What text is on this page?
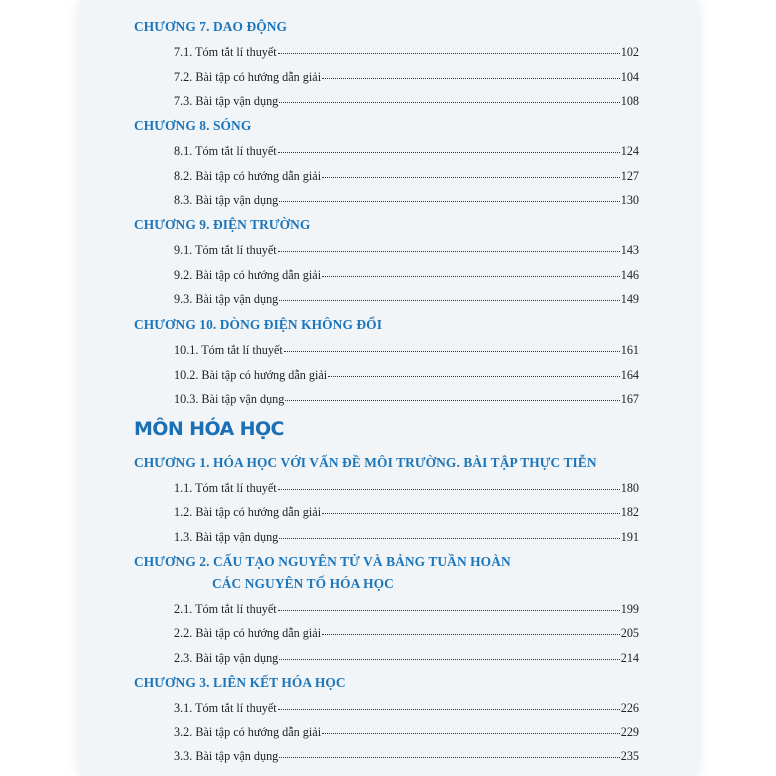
CHƯƠNG 7. DAO ĐỘNG
7.1. Tóm tắt lí thuyết	102
7.2. Bài tập có hướng dẫn giải	104
7.3. Bài tập vận dụng	108
CHƯƠNG 8. SÓNG
8.1. Tóm tắt lí thuyết	124
8.2. Bài tập có hướng dẫn giải	127
8.3. Bài tập vận dụng	130
CHƯƠNG 9. ĐIỆN TRƯỜNG
9.1. Tóm tắt lí thuyết	143
9.2. Bài tập có hướng dẫn giải	146
9.3. Bài tập vận dụng	149
CHƯƠNG 10. DÒNG ĐIỆN KHÔNG ĐỔI
10.1. Tóm tắt lí thuyết	161
10.2. Bài tập có hướng dẫn giải	164
10.3. Bài tập vận dụng	167
MÔN HÓA HỌC
CHƯƠNG 1. HÓA HỌC VỚI VẤN ĐỀ MÔI TRƯỜNG. BÀI TẬP THỰC TIỄN
1.1. Tóm tắt lí thuyết	180
1.2. Bài tập có hướng dẫn giải	182
1.3. Bài tập vận dụng	191
CHƯƠNG 2. CẤU TẠO NGUYÊN TỬ VÀ BẢNG TUẦN HOÀN
CÁC NGUYÊN TỐ HÓA HỌC
2.1. Tóm tắt lí thuyết	199
2.2. Bài tập có hướng dẫn giải	205
2.3. Bài tập vận dụng	214
CHƯƠNG 3. LIÊN KẾT HÓA HỌC
3.1. Tóm tắt lí thuyết	226
3.2. Bài tập có hướng dẫn giải	229
3.3. Bài tập vận dụng	235
